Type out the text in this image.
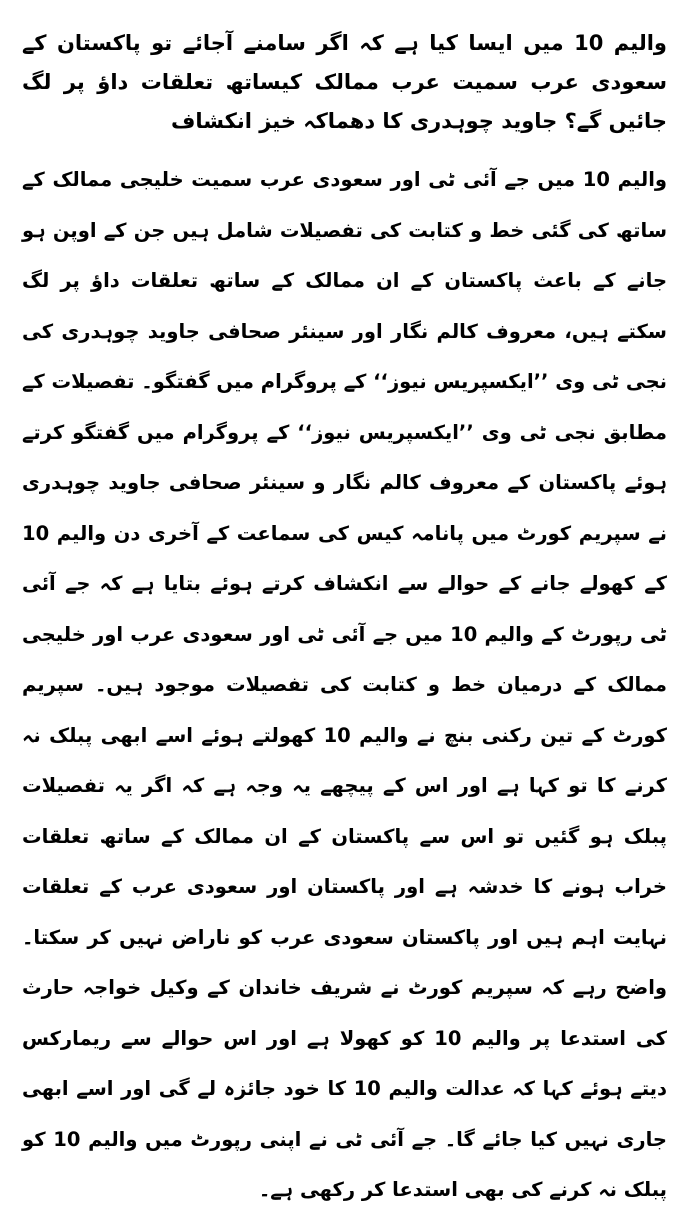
والیم 10 میں ایسا کیا ہے کہ اگر سامنے آجائے تو پاکستان کے سعودی عرب سمیت عرب ممالک کیساتھ تعلقات داؤ پر لگ جائیں گے؟ جاوید چوہدری کا دھماکہ خیز انکشاف

والیم 10 میں جے آئی ٹی اور سعودی عرب سمیت خلیجی ممالک کے ساتھ کی گئی خط و کتابت کی تفصیلات شامل ہیں جن کے اوپن ہو جانے کے باعث پاکستان کے ان ممالک کے ساتھ تعلقات داؤ پر لگ سکتے ہیں، معروف کالم نگار اور سینئر صحافی جاوید چوہدری کی نجی ٹی وی ’’ایکسپریس نیوز‘‘ کے پروگرام میں گفتگو۔ تفصیلات کے مطابق نجی ٹی وی ’’ایکسپریس نیوز‘‘ کے پروگرام میں گفتگو کرتے ہوئے پاکستان کے معروف کالم نگار و سینئر صحافی جاوید چوہدری نے سپریم کورٹ میں پانامہ کیس کی سماعت کے آخری دن والیم 10 کے کھولے جانے کے حوالے سے انکشاف کرتے ہوئے بتایا ہے کہ جے آئی ٹی رپورٹ کے والیم 10 میں جے آئی ٹی اور سعودی عرب اور خلیجی ممالک کے درمیان خط و کتابت کی تفصیلات موجود ہیں۔ سپریم کورٹ کے تین رکنی بنچ نے والیم 10 کھولتے ہوئے اسے ابھی پبلک نہ کرنے کا تو کہا ہے اور اس کے پیچھے یہ وجہ ہے کہ اگر یہ تفصیلات پبلک ہو گئیں تو اس سے پاکستان کے ان ممالک کے ساتھ تعلقات خراب ہونے کا خدشہ ہے اور پاکستان اور سعودی عرب کے تعلقات نہایت اہم ہیں اور پاکستان سعودی عرب کو ناراض نہیں کر سکتا۔ واضح رہے کہ سپریم کورٹ نے شریف خاندان کے وکیل خواجہ حارث کی استدعا پر والیم 10 کو کھولا ہے اور اس حوالے سے ریمارکس دیتے ہوئے کہا کہ عدالت والیم 10 کا خود جائزہ لے گی اور اسے ابھی جاری نہیں کیا جائے گا۔ جے آئی ٹی نے اپنی رپورٹ میں والیم 10 کو پبلک نہ کرنے کی بھی استدعا کر رکھی ہے۔
